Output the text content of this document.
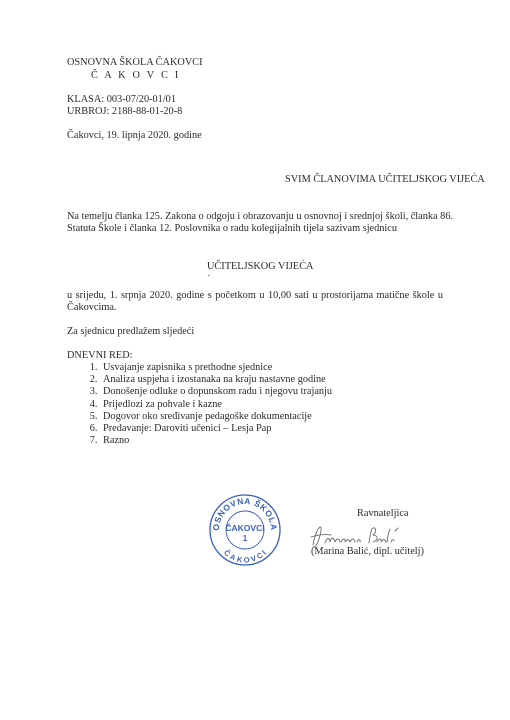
OSNOVNA ŠKOLA ČAKOVCI
Č A K O V C I
KLASA: 003-07/20-01/01
URBROJ: 2188-88-01-20-8
Čakovci, 19. lipnja 2020. godine
SVIM ČLANOVIMA UČITELJSKOG VIJEĆA
Na temelju članka 125. Zakona o odgoju i obrazovanju u osnovnoj i srednjoj školi, članka 86.
Statuta Škole i članka 12. Poslovnika o radu kolegijalnih tijela sazivam sjednicu
UČITELJSKOG VIJEĆA
u srijedu, 1. srpnja 2020. godine s početkom u 10,00 sati u prostorijama matične škole u Čakovcima.
Za sjednicu predlažem sljedeći
DNEVNI RED:
1. Usvajanje zapisnika s prethodne sjednice
2. Analiza uspjeha i izostanaka na kraju nastavne godine
3. Donošenje odluke o dopunskom radu i njegovu trajanju
4. Prijedlozi za pohvale i kazne
5. Dogovor oko sređivanje pedagoške dokumentacije
6. Predavanje: Daroviti učenici – Lesja Pap
7. Razno
OSNOVNA ŠKOLA
ČAKOVCI
1
ČAKOVCI
Ravnateljica
(Marina Balić, dipl. učitelj)
